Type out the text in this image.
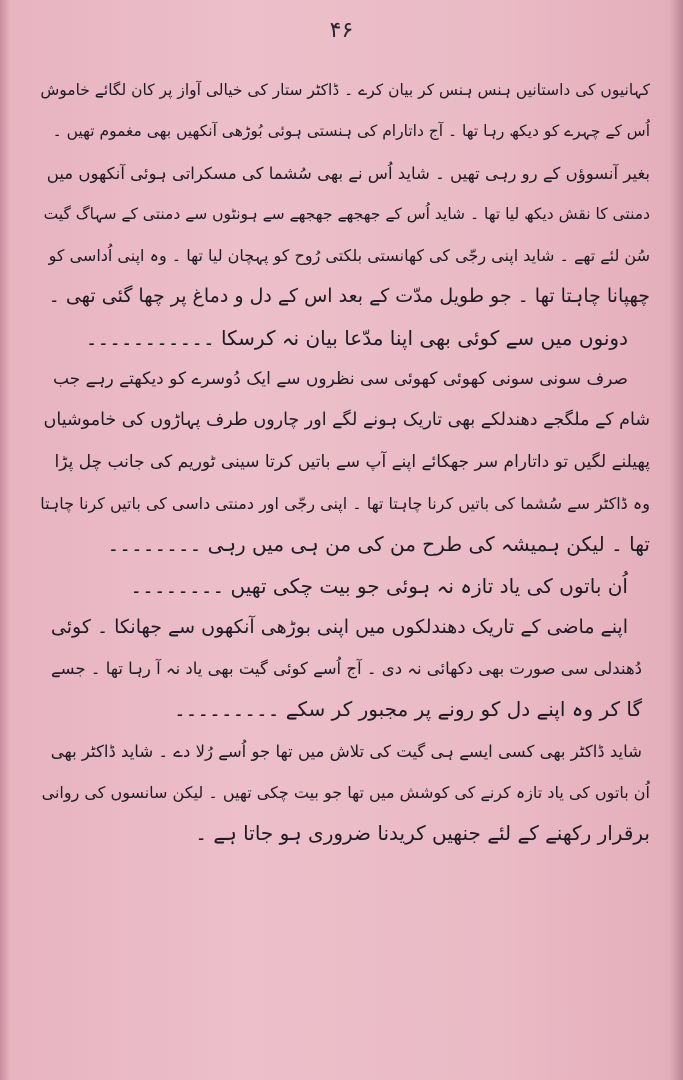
۴۶
کہانیوں کی داستانیں ہنس ہنس کر بیان کرے ۔ ڈاکٹر ستار کی خیالی آواز پر کان لگائے خاموش
اُس کے چہرے کو دیکھ رہا تھا ۔ آج داتارام کی ہنستی ہوئی بُوڑھی آنکھیں بھی مغموم تھیں ۔
بغیر آنسوؤں کے رو رہی تھیں ۔ شاید اُس نے بھی سُشما کی مسکراتی ہوئی آنکھوں میں
دمنتی کا نقش دیکھ لیا تھا ۔ شاید اُس کے جھجھے جھجھے سے ہونٹوں سے دمنتی کے سہاگ گیت
سُن لئے تھے ۔ شاید اپنی رجّی کی کھانستی بلکتی رُوح کو پہچان لیا تھا ۔ وہ اپنی اُداسی کو
چھپانا چاہتا تھا ۔ جو طویل مدّت کے بعد اس کے دل و دماغ پر چھا گئی تھی ۔
دونوں میں سے کوئی بھی اپنا مدّعا بیان نہ کرسکا ۔۔۔۔۔۔۔۔۔۔۔
صرف سونی سونی کھوئی کھوئی سی نظروں سے ایک دُوسرے کو دیکھتے رہے جب
شام کے ملگجے دھندلکے بھی تاریک ہونے لگے اور چاروں طرف پہاڑوں کی خاموشیاں
پھیلنے لگیں تو داتارام سر جھکائے اپنے آپ سے باتیں کرتا سینی ٹوریم کی جانب چل پڑا
وہ ڈاکٹر سے سُشما کی باتیں کرنا چاہتا تھا ۔ اپنی رجّی اور دمنتی داسی کی باتیں کرنا چاہتا
تھا ۔ لیکن ہمیشہ کی طرح من کی من ہی میں رہی ۔۔۔۔۔۔۔۔
اُن باتوں کی یاد تازہ نہ ہوئی جو بیت چکی تھیں ۔۔۔۔۔۔۔۔
اپنے ماضی کے تاریک دھندلکوں میں اپنی بوڑھی آنکھوں سے جھانکا ۔ کوئی
دُھندلی سی صورت بھی دکھائی نہ دی ۔ آج اُسے کوئی گیت بھی یاد نہ آ رہا تھا ۔ جسے
گا کر وہ اپنے دل کو رونے پر مجبور کر سکے ۔۔۔۔۔۔۔۔۔
شاید ڈاکٹر بھی کسی ایسے ہی گیت کی تلاش میں تھا جو اُسے رُلا دے ۔ شاید ڈاکٹر بھی
اُن باتوں کی یاد تازہ کرنے کی کوشش میں تھا جو بیت چکی تھیں ۔ لیکن سانسوں کی روانی
برقرار رکھنے کے لئے جنھیں کریدنا ضروری ہو جاتا ہے ۔
